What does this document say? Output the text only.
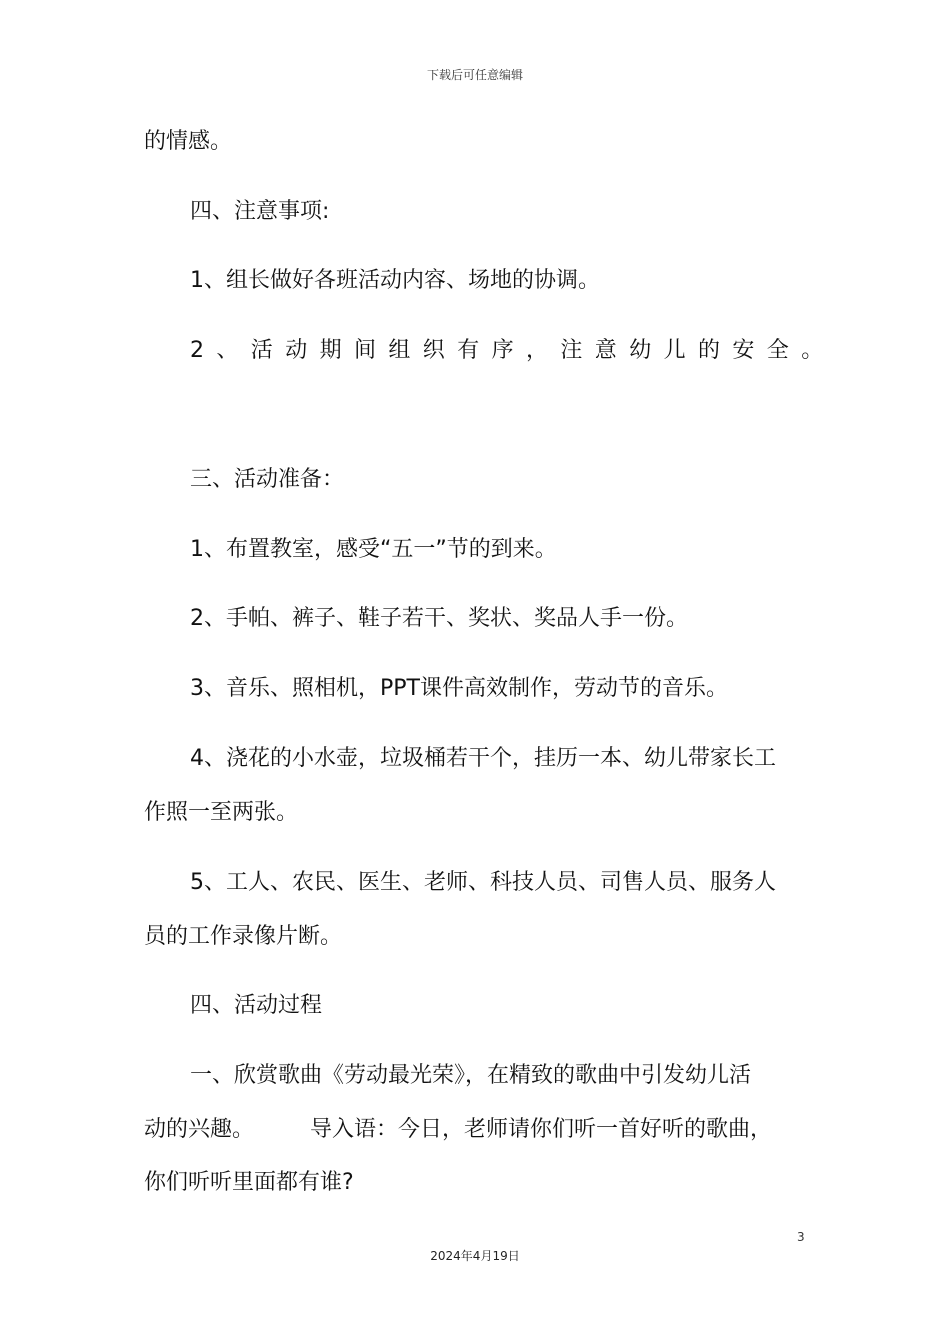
下载后可任意编辑
的情感。
四、注意事项:
1、组长做好各班活动内容、场地的协调。
2、活动期间组织有序，注意幼儿的安全。
三、活动准备：
1、布置教室，感受“五一”节的到来。
2、手帕、裤子、鞋子若干、奖状、奖品人手一份。
3、音乐、照相机，PPT课件高效制作，劳动节的音乐。
4、浇花的小水壶，垃圾桶若干个，挂历一本、幼儿带家长工
作照一至两张。
5、工人、农民、医生、老师、科技人员、司售人员、服务人
员的工作录像片断。
四、活动过程
一、欣赏歌曲《劳动最光荣》，在精致的歌曲中引发幼儿活
动的兴趣。        导入语：今日，老师请你们听一首好听的歌曲，
你们听听里面都有谁?
3
2024年4月19日
